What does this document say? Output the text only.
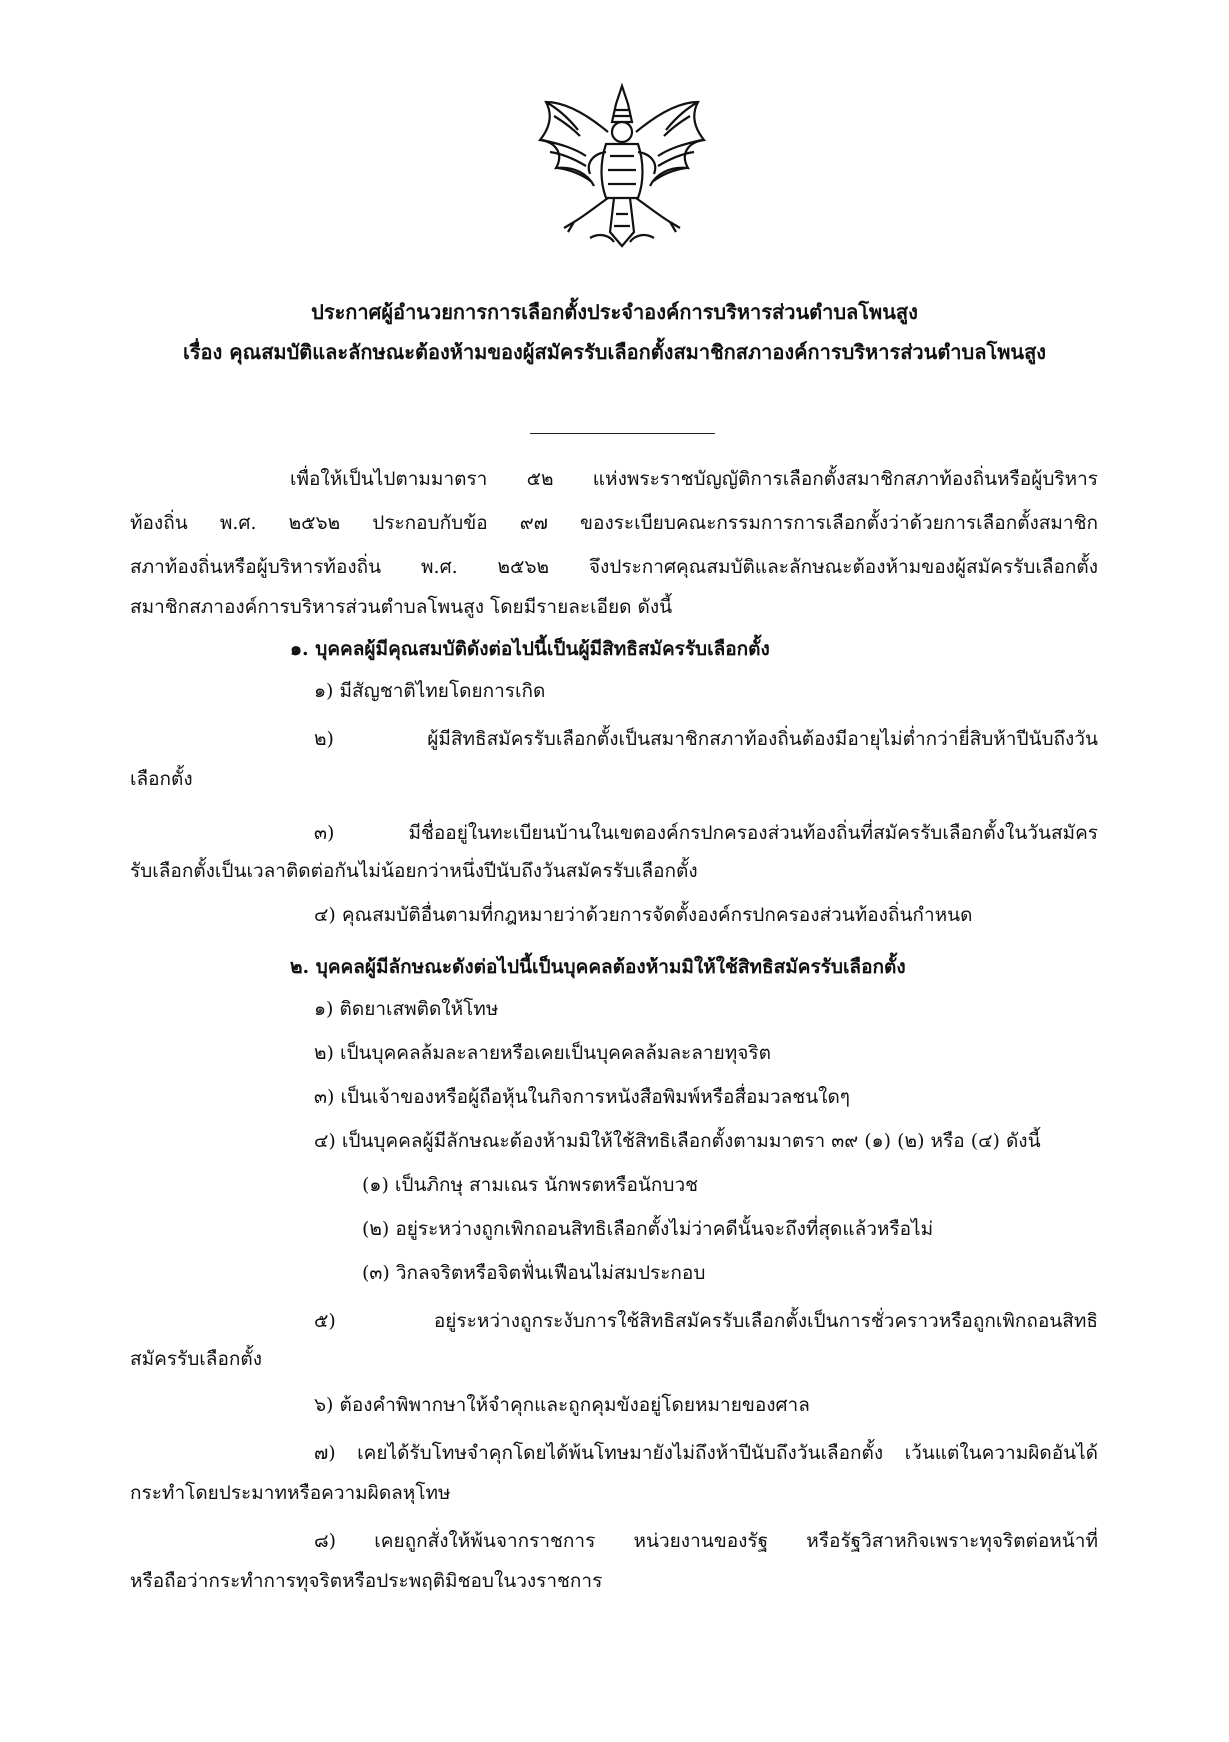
ประกาศผู้อำนวยการการเลือกตั้งประจำองค์การบริหารส่วนตำบลโพนสูง
เรื่อง คุณสมบัติและลักษณะต้องห้ามของผู้สมัครรับเลือกตั้งสมาชิกสภาองค์การบริหารส่วนตำบลโพนสูง
เพื่อให้เป็นไปตามมาตรา ๕๒ แห่งพระราชบัญญัติการเลือกตั้งสมาชิกสภาท้องถิ่นหรือผู้บริหาร
ท้องถิ่น พ.ศ. ๒๕๖๒ ประกอบกับข้อ ๙๗ ของระเบียบคณะกรรมการการเลือกตั้งว่าด้วยการเลือกตั้งสมาชิก
สภาท้องถิ่นหรือผู้บริหารท้องถิ่น พ.ศ. ๒๕๖๒ จึงประกาศคุณสมบัติและลักษณะต้องห้ามของผู้สมัครรับเลือกตั้ง
สมาชิกสภาองค์การบริหารส่วนตำบลโพนสูง โดยมีรายละเอียด ดังนี้
๑. บุคคลผู้มีคุณสมบัติดังต่อไปนี้เป็นผู้มีสิทธิสมัครรับเลือกตั้ง
๑) มีสัญชาติไทยโดยการเกิด
๒) ผู้มีสิทธิสมัครรับเลือกตั้งเป็นสมาชิกสภาท้องถิ่นต้องมีอายุไม่ต่ำกว่ายี่สิบห้าปีนับถึงวัน
เลือกตั้ง
๓) มีชื่ออยู่ในทะเบียนบ้านในเขตองค์กรปกครองส่วนท้องถิ่นที่สมัครรับเลือกตั้งในวันสมัคร
รับเลือกตั้งเป็นเวลาติดต่อกันไม่น้อยกว่าหนึ่งปีนับถึงวันสมัครรับเลือกตั้ง
๔) คุณสมบัติอื่นตามที่กฎหมายว่าด้วยการจัดตั้งองค์กรปกครองส่วนท้องถิ่นกำหนด
๒. บุคคลผู้มีลักษณะดังต่อไปนี้เป็นบุคคลต้องห้ามมิให้ใช้สิทธิสมัครรับเลือกตั้ง
๑) ติดยาเสพติดให้โทษ
๒) เป็นบุคคลล้มละลายหรือเคยเป็นบุคคลล้มละลายทุจริต
๓) เป็นเจ้าของหรือผู้ถือหุ้นในกิจการหนังสือพิมพ์หรือสื่อมวลชนใดๆ
๔) เป็นบุคคลผู้มีลักษณะต้องห้ามมิให้ใช้สิทธิเลือกตั้งตามมาตรา ๓๙ (๑) (๒) หรือ (๔) ดังนี้
(๑) เป็นภิกษุ สามเณร นักพรตหรือนักบวช
(๒) อยู่ระหว่างถูกเพิกถอนสิทธิเลือกตั้งไม่ว่าคดีนั้นจะถึงที่สุดแล้วหรือไม่
(๓) วิกลจริตหรือจิตฟั่นเฟือนไม่สมประกอบ
๕) อยู่ระหว่างถูกระงับการใช้สิทธิสมัครรับเลือกตั้งเป็นการชั่วคราวหรือถูกเพิกถอนสิทธิ
สมัครรับเลือกตั้ง
๖) ต้องคำพิพากษาให้จำคุกและถูกคุมขังอยู่โดยหมายของศาล
๗) เคยได้รับโทษจำคุกโดยได้พ้นโทษมายังไม่ถึงห้าปีนับถึงวันเลือกตั้ง เว้นแต่ในความผิดอันได้
กระทำโดยประมาทหรือความผิดลหุโทษ
๘) เคยถูกสั่งให้พ้นจากราชการ หน่วยงานของรัฐ หรือรัฐวิสาหกิจเพราะทุจริตต่อหน้าที่
หรือถือว่ากระทำการทุจริตหรือประพฤติมิชอบในวงราชการ
